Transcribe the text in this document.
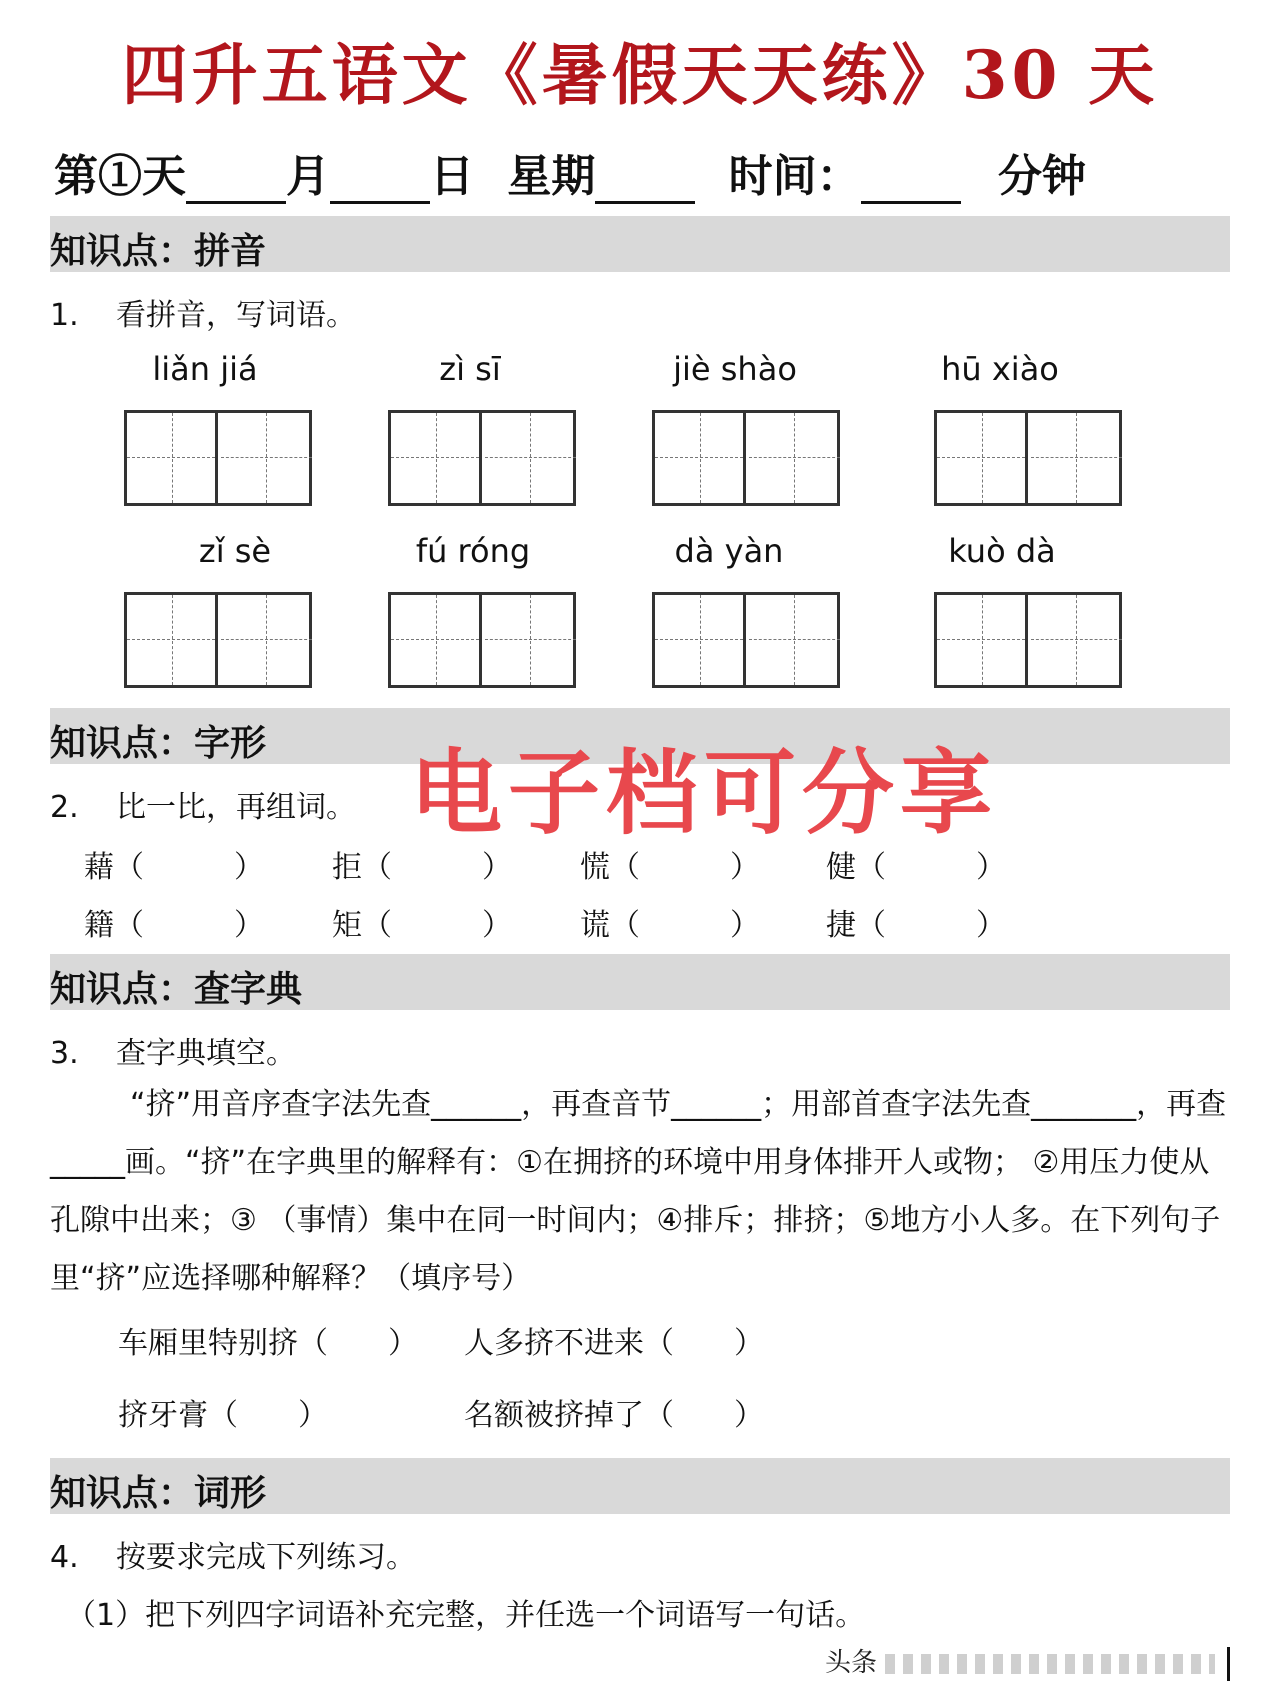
四升五语文《暑假天天练》30 天
第①天 月 日 星期	时间：	分钟
知识点：拼音
1. 看拼音，写词语。
liǎn jiá	zì sī	jiè shào	hū xiào
zǐ sè	fú róng	dà yàn	kuò dà
知识点：字形
2. 比一比，再组词。
藉（　　　） 拒（　　　） 慌（　　　） 健（　　　）
籍（　　　） 矩（　　　） 谎（　　　） 捷（　　　）
知识点：查字典
3. 查字典填空。
“挤”用音序查字法先查______，再查音节______；用部首查字法先查_______，再查_____画。“挤”在字典里的解释有：①在拥挤的环境中用身体排开人或物； ②用压力使从孔隙中出来；③ （事情）集中在同一时间内；④排斥；排挤；⑤地方小人多。在下列句子里“挤”应选择哪种解释？（填序号）
车厢里特别挤（　　） 人多挤不进来（　　）
挤牙膏（　　）	名额被挤掉了（　　）
知识点：词形
4. 按要求完成下列练习。
（1）把下列四字词语补充完整，并任选一个词语写一句话。
电子档可分享
头条
